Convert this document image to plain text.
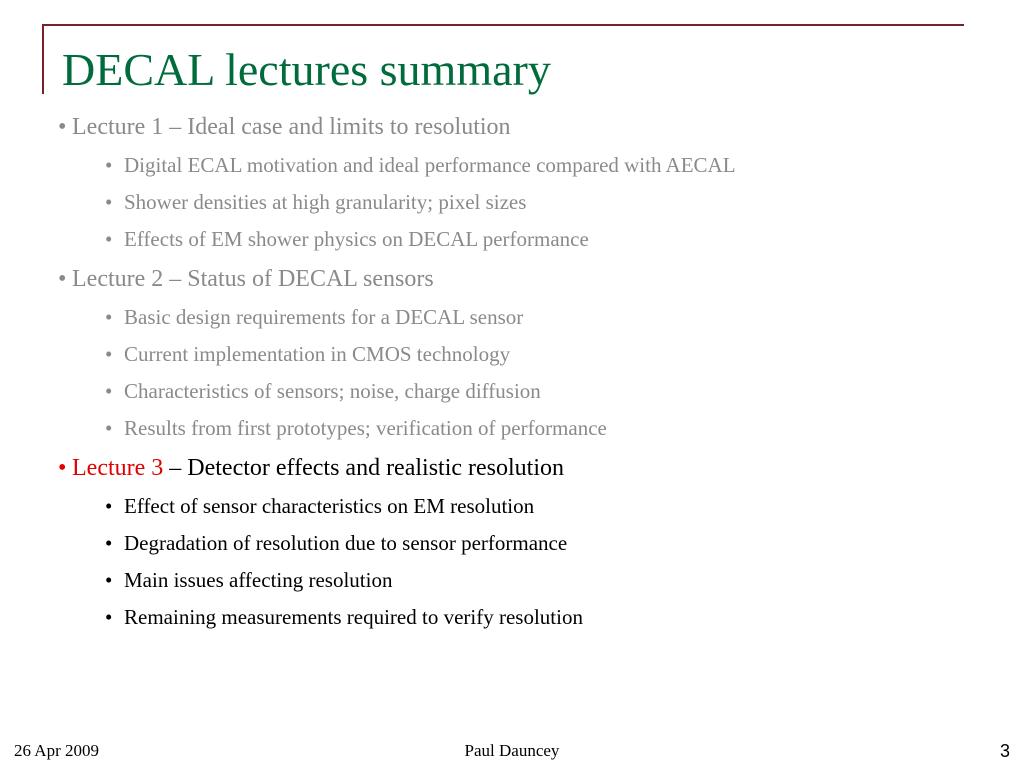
DECAL lectures summary
• Lecture 1 – Ideal case and limits to resolution
• Digital ECAL motivation and ideal performance compared with AECAL
• Shower densities at high granularity; pixel sizes
• Effects of EM shower physics on DECAL performance
• Lecture 2 – Status of DECAL sensors
• Basic design requirements for a DECAL sensor
• Current implementation in CMOS technology
• Characteristics of sensors; noise, charge diffusion
• Results from first prototypes; verification of performance
• Lecture 3 – Detector effects and realistic resolution
• Effect of sensor characteristics on EM resolution
• Degradation of resolution due to sensor performance
• Main issues affecting resolution
• Remaining measurements required to verify resolution
Paul Dauncey
26 Apr 2009	3
